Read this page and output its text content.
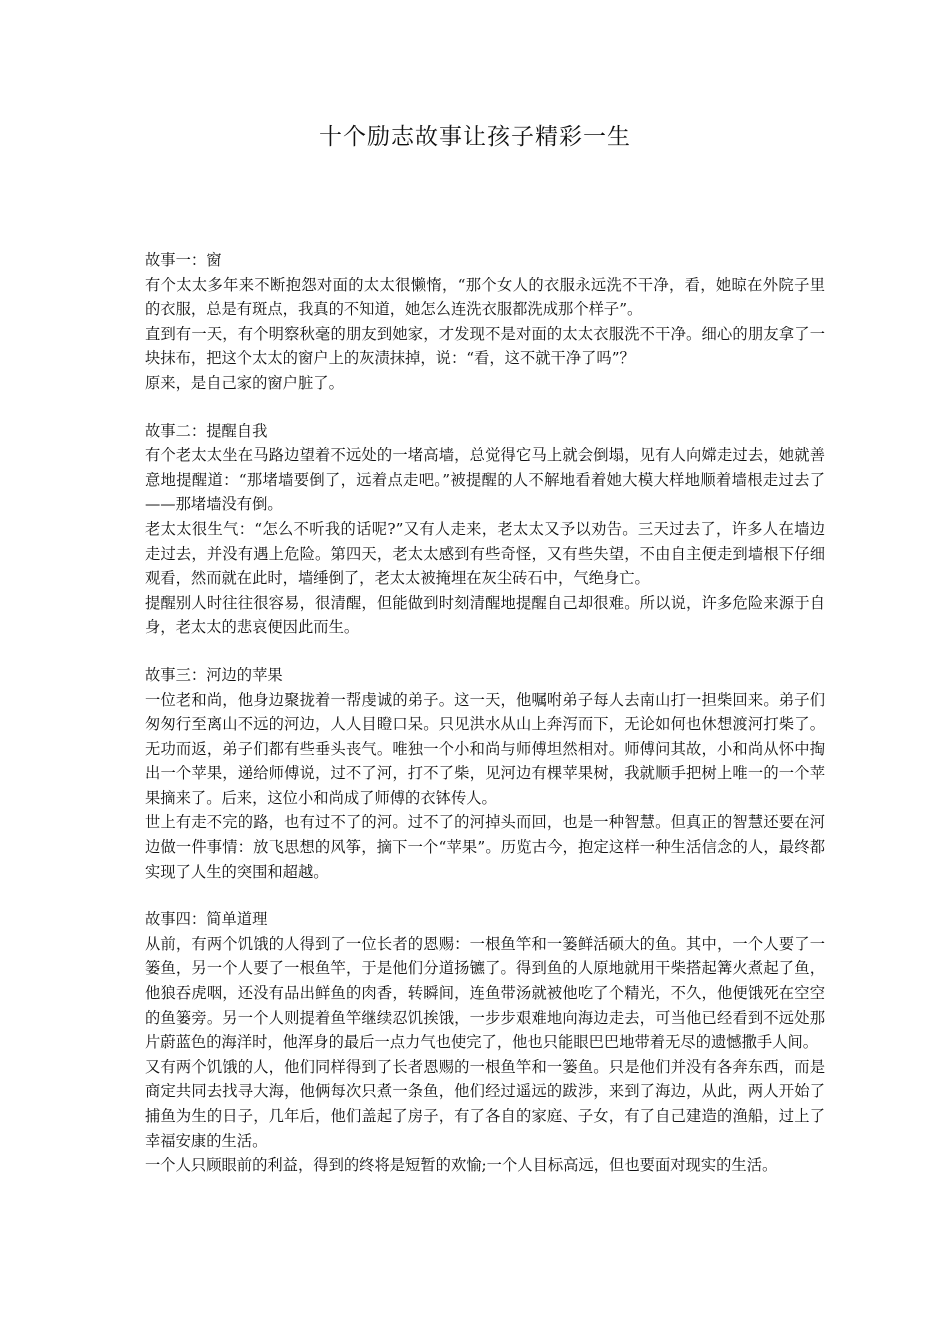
十个励志故事让孩子精彩一生

故事一：窗

有个太太多年来不断抱怨对面的太太很懒惰，“那个女人的衣服永远洗不干净，看，她晾在外院子里的衣服，总是有斑点，我真的不知道，她怎么连洗衣服都洗成那个样子”。

直到有一天，有个明察秋毫的朋友到她家，才发现不是对面的太太衣服洗不干净。细心的朋友拿了一块抹布，把这个太太的窗户上的灰渍抹掉，说：“看，这不就干净了吗”？

原来，是自己家的窗户脏了。

故事二：提醒自我

有个老太太坐在马路边望着不远处的一堵高墙，总觉得它马上就会倒塌，见有人向嫦走过去，她就善意地提醒道：“那堵墙要倒了，远着点走吧。”被提醒的人不解地看着她大模大样地顺着墙根走过去了——那堵墙没有倒。

老太太很生气：“怎么不听我的话呢?”又有人走来，老太太又予以劝告。三天过去了，许多人在墙边走过去，并没有遇上危险。第四天，老太太感到有些奇怪，又有些失望，不由自主便走到墙根下仔细观看，然而就在此时，墙缍倒了，老太太被掩埋在灰尘砖石中，气绝身亡。

提醒别人时往往很容易，很清醒，但能做到时刻清醒地提醒自己却很难。所以说，许多危险来源于自身，老太太的悲哀便因此而生。

故事三：河边的苹果

一位老和尚，他身边聚拢着一帮虔诚的弟子。这一天，他嘱咐弟子每人去南山打一担柴回来。弟子们匆匆行至离山不远的河边，人人目瞪口呆。只见洪水从山上奔泻而下，无论如何也休想渡河打柴了。无功而返，弟子们都有些垂头丧气。唯独一个小和尚与师傅坦然相对。师傅问其故，小和尚从怀中掏出一个苹果，递给师傅说，过不了河，打不了柴，见河边有棵苹果树，我就顺手把树上唯一的一个苹果摘来了。后来，这位小和尚成了师傅的衣钵传人。

世上有走不完的路，也有过不了的河。过不了的河掉头而回，也是一种智慧。但真正的智慧还要在河边做一件事情：放飞思想的风筝，摘下一个“苹果”。历览古今，抱定这样一种生活信念的人，最终都实现了人生的突围和超越。

故事四：简单道理

从前，有两个饥饿的人得到了一位长者的恩赐：一根鱼竿和一篓鲜活硕大的鱼。其中，一个人要了一篓鱼，另一个人要了一根鱼竿，于是他们分道扬镳了。得到鱼的人原地就用干柴搭起篝火煮起了鱼，他狼吞虎咽，还没有品出鲜鱼的肉香，转瞬间，连鱼带汤就被他吃了个精光，不久，他便饿死在空空的鱼篓旁。另一个人则提着鱼竿继续忍饥挨饿，一步步艰难地向海边走去，可当他已经看到不远处那片蔚蓝色的海洋时，他浑身的最后一点力气也使完了，他也只能眼巴巴地带着无尽的遗憾撒手人间。

又有两个饥饿的人，他们同样得到了长者恩赐的一根鱼竿和一篓鱼。只是他们并没有各奔东西，而是商定共同去找寻大海，他俩每次只煮一条鱼，他们经过遥远的跋涉，来到了海边，从此，两人开始了捕鱼为生的日子，几年后，他们盖起了房子，有了各自的家庭、子女，有了自己建造的渔船，过上了幸福安康的生活。

一个人只顾眼前的利益，得到的终将是短暂的欢愉;一个人目标高远，但也要面对现实的生活。
